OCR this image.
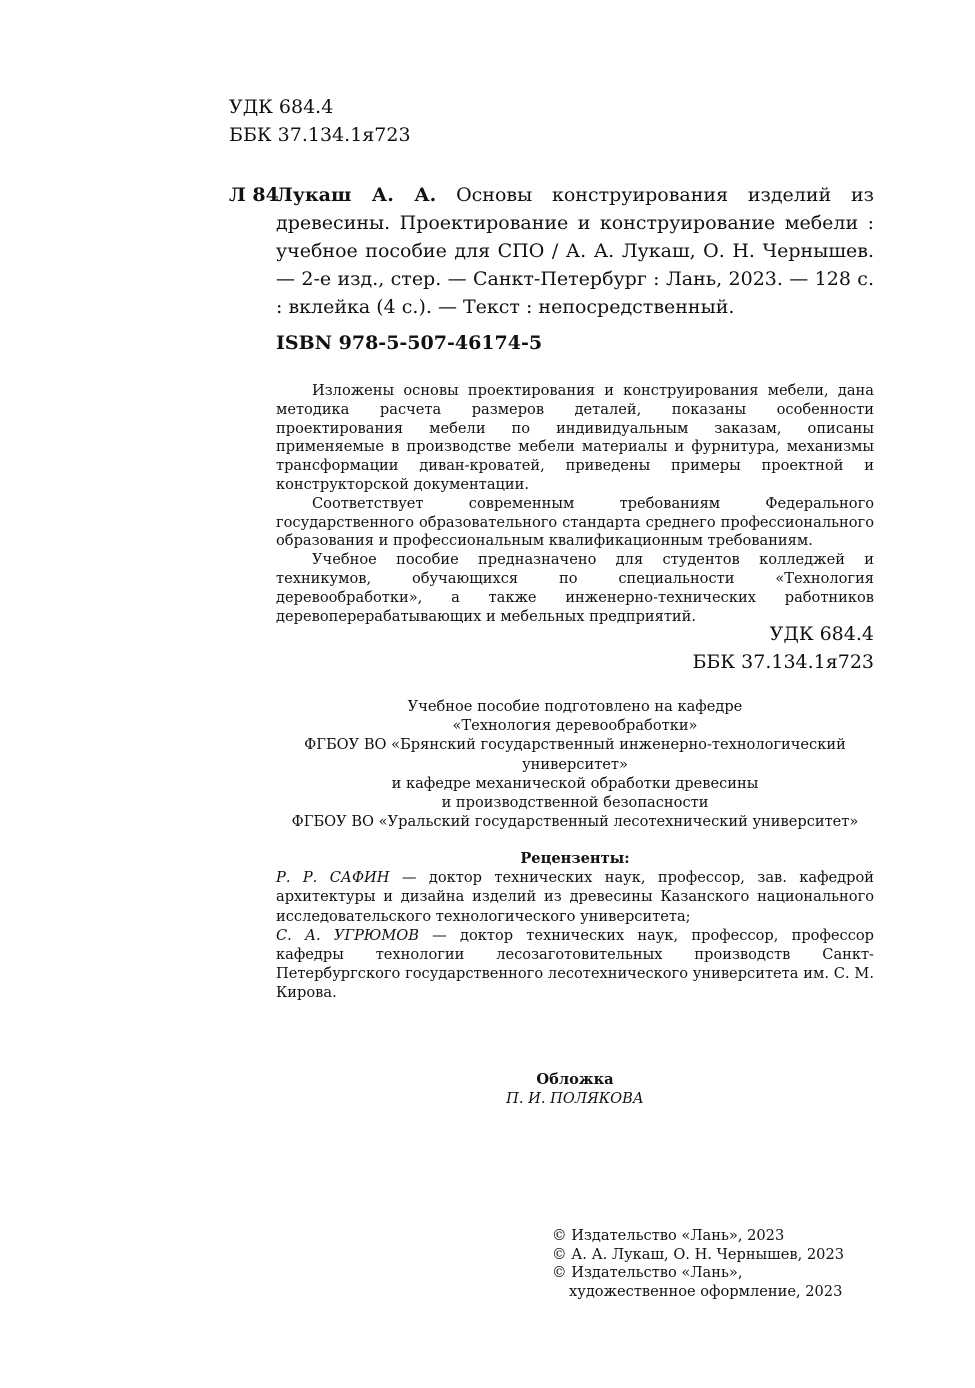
УДК 684.4
ББК 37.134.1я723
Л 84
Лукаш А. А. Основы конструирования изделий из древесины. Проектирование и конструирование мебели : учебное пособие для СПО / А. А. Лукаш, О. Н. Чернышев. — 2-е изд., стер. — Санкт-Петербург : Лань, 2023. — 128 с. : вклейка (4 с.). — Текст : непосредственный.
ISBN 978-5-507-46174-5

Изложены основы проектирования и конструирования мебели, дана методика расчета размеров деталей, показаны особенности проектирования мебели по индивидуальным заказам, описаны применяемые в производстве мебели материалы и фурнитура, механизмы трансформации диван-кроватей, приведены примеры проектной и конструкторской документации.

Соответствует современным требованиям Федерального государственного образовательного стандарта среднего профессионального образования и профессиональным квалификационным требованиям.

Учебное пособие предназначено для студентов колледжей и техникумов, обучающихся по специальности «Технология деревообработки», а также инженерно-технических работников деревоперерабатывающих и мебельных предприятий.

УДК 684.4
ББК 37.134.1я723
Учебное пособие подготовлено на кафедре
«Технология деревообработки»
ФГБОУ ВО «Брянский государственный инженерно-технологический
университет»
и кафедре механической обработки древесины
и производственной безопасности
ФГБОУ ВО «Уральский государственный лесотехнический университет»
Рецензенты:
Р. Р. САФИН — доктор технических наук, профессор, зав. кафедрой архитектуры и дизайна изделий из древесины Казанского национального исследовательского технологического университета;
С. А. УГРЮМОВ — доктор технических наук, профессор, профессор кафедры технологии лесозаготовительных производств Санкт-Петербургского государственного лесотехнического университета им. С. М. Кирова.
Обложка
П. И. ПОЛЯКОВА
© Издательство «Лань», 2023
© А. А. Лукаш, О. Н. Чернышев, 2023
© Издательство «Лань»,
художественное оформление, 2023
